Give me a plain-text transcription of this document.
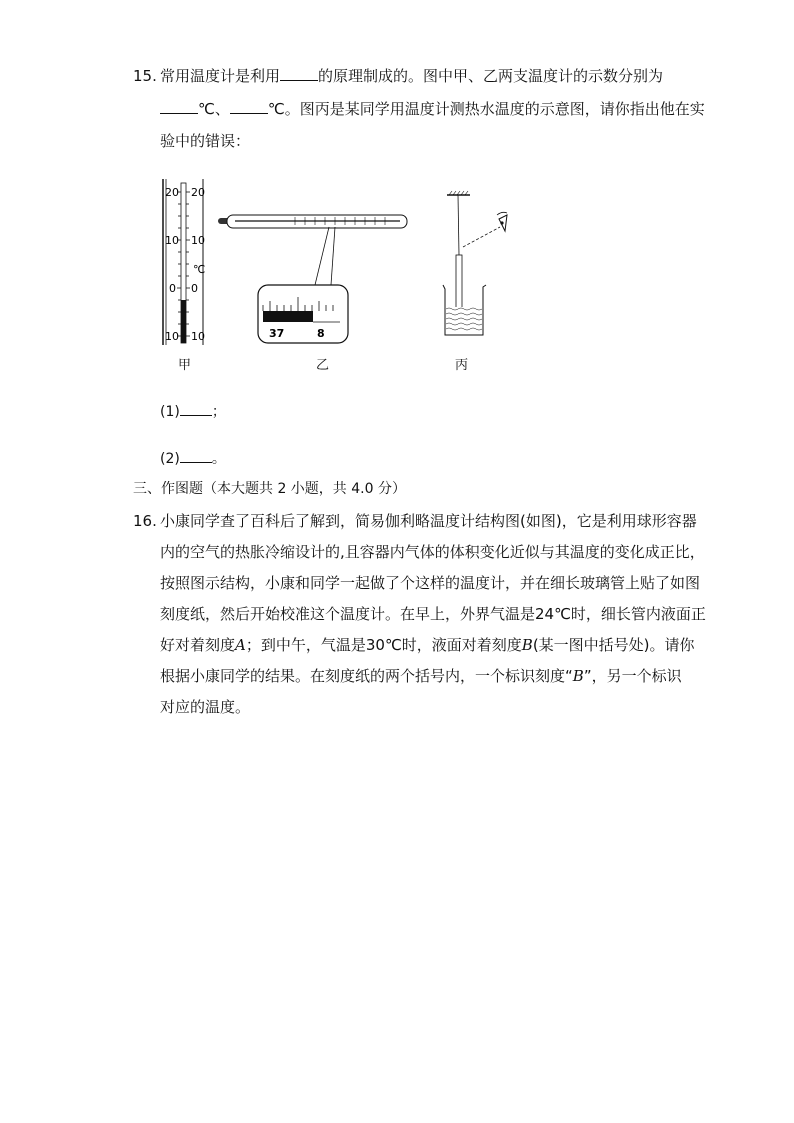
15. 常用温度计是利用	的原理制成的。图中甲、乙两支温度计的示数分别为
℃、	℃。图丙是某同学用温度计测热水温度的示意图，请你指出他在实
验中的错误：
20
10
0
10
20
10
0
10
℃
37	8
甲	乙	丙
(1) ；
(2) 。
三、作图题（本大题共 2 小题，共 4.0 分）
16. 小康同学查了百科后了解到，简易伽利略温度计结构图(如图)，它是利用球形容器
内的空气的热胀冷缩设计的,且容器内气体的体积变化近似与其温度的变化成正比，
按照图示结构，小康和同学一起做了个这样的温度计，并在细长玻璃管上贴了如图
刻度纸，然后开始校准这个温度计。在早上，外界气温是24℃时，细长管内液面正
好对着刻度A；到中午，气温是30℃时，液面对着刻度B(某一图中括号处)。请你
根据小康同学的结果。在刻度纸的两个括号内，一个标识刻度“B”，另一个标识
对应的温度。
